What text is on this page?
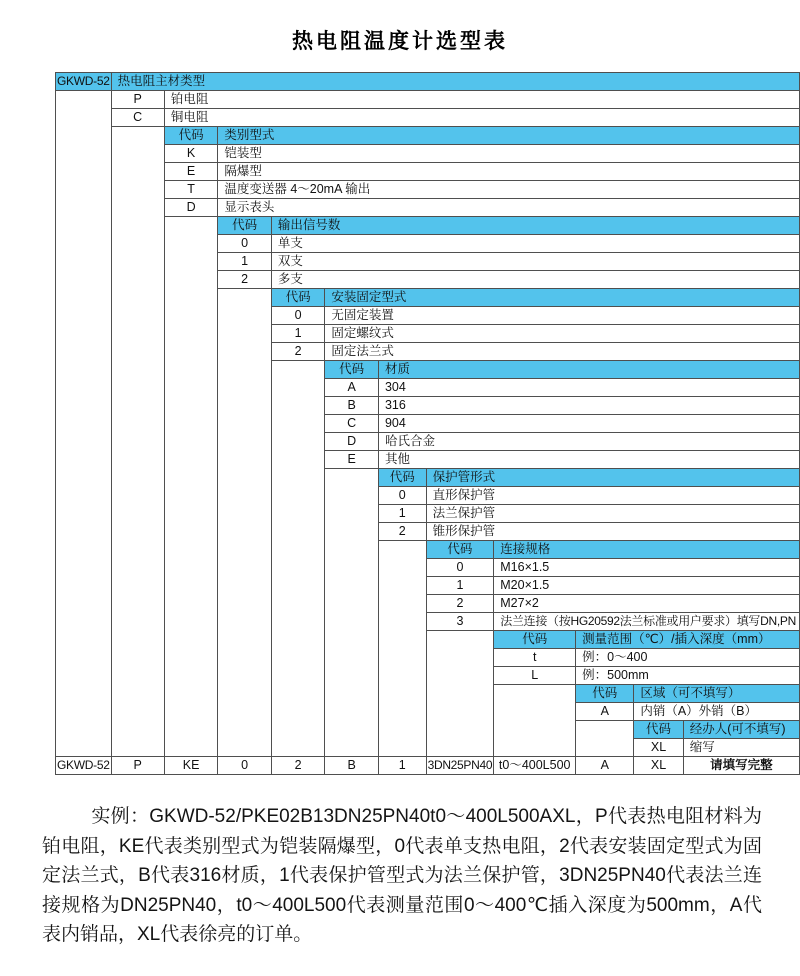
热电阻温度计选型表
GKWD-52	热电阻主材类型										
	P	铂电阻									
	C	铜电阻									
		代码	类别型式								
		K	铠装型								
		E	隔爆型								
		T	温度变送器 4～20mA 输出								
		D	显示表头								
			代码	输出信号数							
			0	单支							
			1	双支							
			2	多支							
				代码	安装固定型式						
				0	无固定装置						
				1	固定螺纹式						
				2	固定法兰式						
					代码	材质					
					A	304					
					B	316					
					C	904					
					D	哈氏合金					
					E	其他					
						代码	保护管形式				
						0	直形保护管				
						1	法兰保护管				
						2	锥形保护管				
							代码	连接规格			
							0	M16×1.5			
							1	M20×1.5			
							2	M27×2			
							3	法兰连接（按HG20592法兰标准或用户要求）填写DN,PN			
								代码	测量范围（℃）/插入深度（mm）		
								t	例：0～400		
								L	例：500mm		
									代码	区域（可不填写）	
									A	内销（A）外销（B）	
										代码	经办人(可不填写)
										XL	缩写
GKWD-52	P	KE	0	2	B	1	3DN25PN40	t0～400L500	A	XL	请填写完整

实例：GKWD-52/PKE02B13DN25PN40t0～400L500AXL，P代表热电阻材料为铂电阻，KE代表类别型式为铠装隔爆型，0代表单支热电阻，2代表安装固定型式为固定法兰式，B代表316材质，1代表保护管型式为法兰保护管，3DN25PN40代表法兰连接规格为DN25PN40，t0～400L500代表测量范围0～400℃插入深度为500mm，A代表内销品，XL代表徐亮的订单。
